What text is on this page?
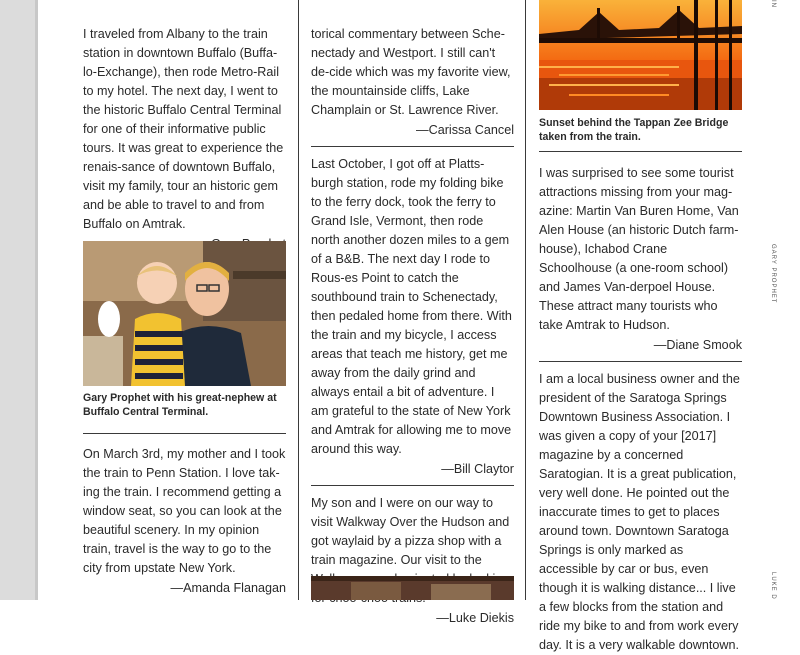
I traveled from Albany to the train station in downtown Buffalo (Buffa-lo-Exchange), then rode Metro-Rail to my hotel. The next day, I went to the historic Buffalo Central Terminal for one of their informative public tours. It was great to experience the renais-sance of downtown Buffalo, visit my family, tour an historic gem and be able to travel to and from Buffalo on Amtrak.

Gary Prophet with his great-nephew at Buffalo Central Terminal.

On March 3rd, my mother and I took the train to Penn Station. I love tak-ing the train. I recommend getting a window seat, so you can look at the beautiful scenery. In my opinion train, travel is the way to go to the city from upstate New York.

—Amanda Flanagan

torical commentary between Sche-nectady and Westport. I still can't de-cide which was my favorite view, the mountainside cliffs, Lake Champlain or St. Lawrence River.

—Carissa Cancel

Last October, I got off at Platts-burgh station, rode my folding bike to the ferry dock, took the ferry to Grand Isle, Vermont, then rode north another dozen miles to a gem of a B&B. The next day I rode to Rous-es Point to catch the southbound train to Schenectady, then pedaled home from there. With the train and my bicycle, I access areas that teach me history, get me away from the daily grind and always entail a bit of adventure. I am grateful to the state of New York and Amtrak for allowing me to move around this way.

—Bill Claytor

My son and I were on our way to visit Walkway Over the Hudson and got waylaid by a pizza shop with a train magazine. Our visit to the

—Luke Diekis

Sunset behind the Tappan Zee Bridge taken from the train.

I was surprised to see some tourist attractions missing from your mag-azine: Martin Van Buren Home, Van Alen House (an historic Dutch farm-house), Ichabod Crane Schoolhouse (a one-room school) and James Van-derpoel House. These attract many tourists who take Amtrak to Hudson.

—Diane Smook

I am a local business owner and the president of the Saratoga Springs Downtown Business Association. I was given a copy of your [2017] magazine by a concerned Saratogian. It is a great publication, very well done. He pointed out the inaccurate times to get to places around town. Downtown Saratoga Springs is only marked as accessible by car or bus, even though it is walking distance... I live a few blocks from the station and ride my bike to and from work every day. It is a very walkable downtown.

IN
GARY PROPHET
LUKE D
